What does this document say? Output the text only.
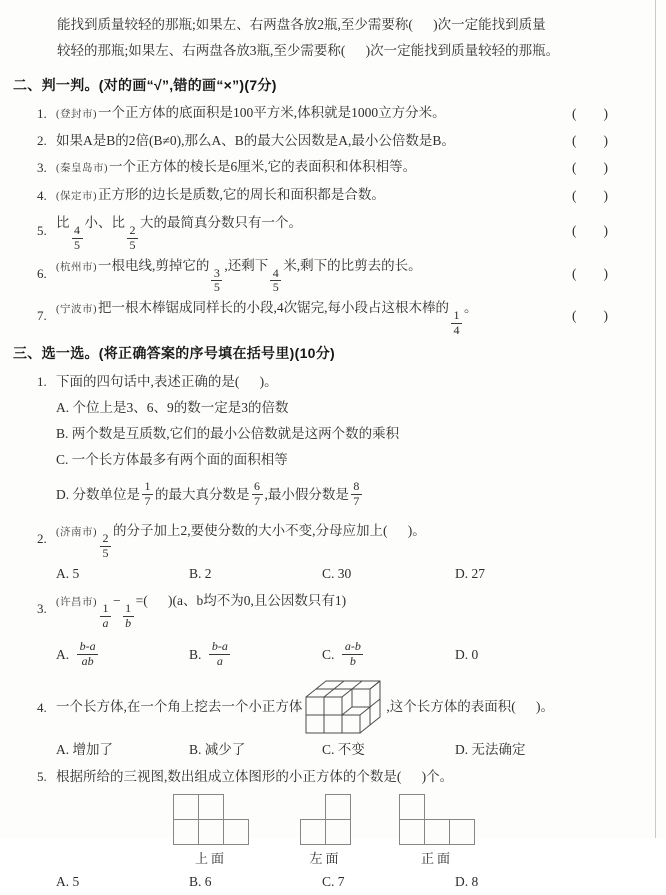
能找到质量较轻的那瓶;如果左、右两盘各放2瓶,至少需要称(      )次一定能找到质量
较轻的那瓶;如果左、右两盘各放3瓶,至少需要称(      )次一定能找到质量较轻的那瓶。
二、判一判。(对的画“√”,错的画“×”)(7分)
1. (登封市)一个正方体的底面积是100平方米,体积就是1000立方分米。	(        )
2. 如果A是B的2倍(B≠0),那么A、B的最大公因数是A,最小公倍数是B。	(        )
3. (秦皇岛市)一个正方体的棱长是6厘米,它的表面积和体积相等。	(        )
4. (保定市)正方形的边长是质数,它的周长和面积都是合数。	(        )
5.
比
$\frac{4}{5}$
小、比
$\frac{2}{5}$
大的最简真分数只有一个。
(        )
6. (杭州市)一根电线,剪掉它的
$\frac{3}{5}$
,还剩下
$\frac{4}{5}$
米,剩下的比剪去的长。
(        )
7. (宁波市)把一根木棒锯成同样长的小段,4次锯完,每小段占这根木棒的
$\frac{1}{4}$
。
(        )
三、选一选。(将正确答案的序号填在括号里)(10分)
1. 下面的四句话中,表述正确的是(      )。
A. 个位上是3、6、9的数一定是3的倍数
B. 两个数是互质数,它们的最小公倍数就是这两个数的乘积
C. 一个长方体最多有两个面的面积相等
D. 分数单位是 $\frac{1}{7}$ 的最大真分数是 $\frac{6}{7}$ ,最小假分数是 $\frac{8}{7}$
2. (济南市) $\frac{2}{5}$
的分子加上2,要使分数的大小不变,分母应加上(      )。
A. 5	B. 2	C. 30	D. 27
3. (许昌市) $\frac{1}{a}$
−
$\frac{1}{b}$
=(      )(a、b均不为0,且公因数只有1)
A. $\frac{b-a}{ab}$	B. $\frac{b-a}{a}$	C. $\frac{a-b}{b}$	D. 0
4. 一个长方体,在一个角上挖去一个小正方体	,这个长方体的表面积(      )。
A. 增加了	B. 减少了	C. 不变	D. 无法确定
5. 根据所给的三视图,数出组成立体图形的小正方体的个数是(      )个。
上面	左面	正面
A. 5	B. 6	C. 7	D. 8
